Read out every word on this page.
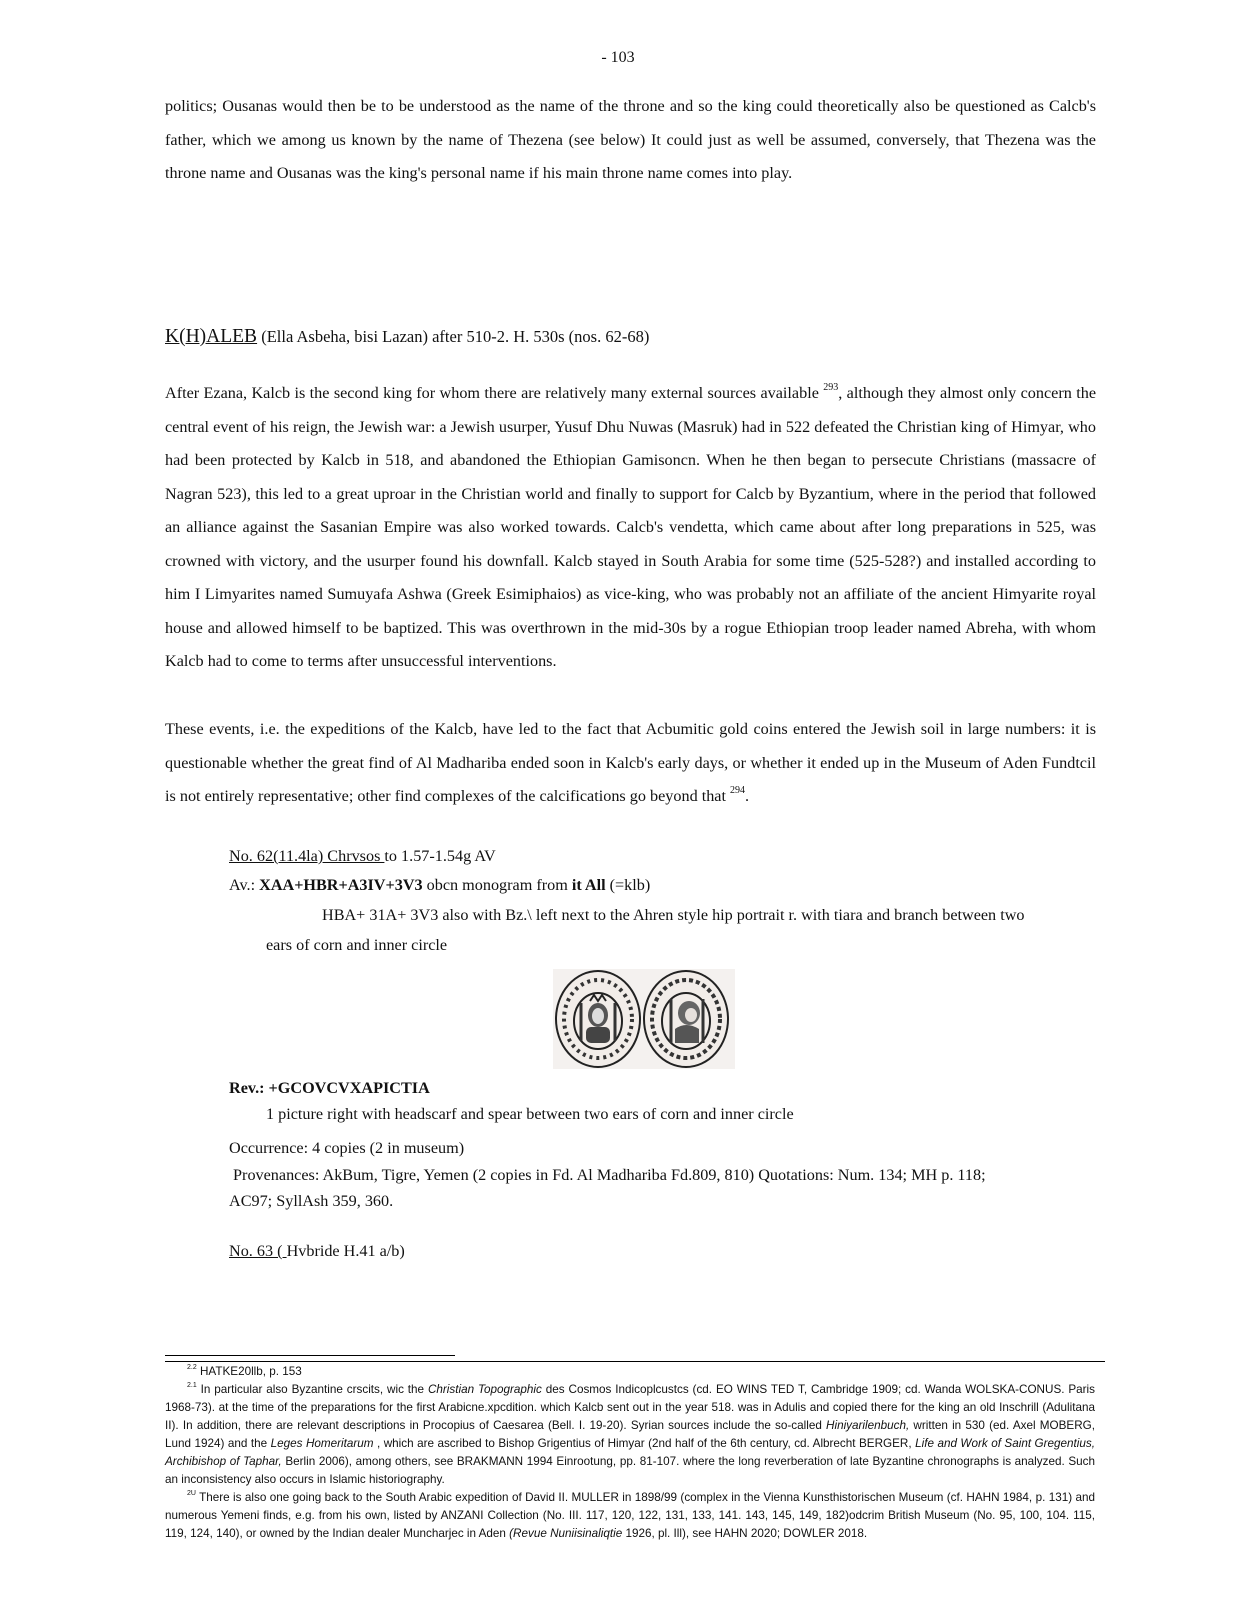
- 103

politics; Ousanas would then be to be understood as the name of the throne and so the king could theoretically also be questioned as Calcb's father, which we among us known by the name of Thezena (see below) It could just as well be assumed, conversely, that Thezena was the throne name and Ousanas was the king's personal name if his main throne name comes into play.

K(H)ALEB (Ella Asbeha, bisi Lazan) after 510-2. H. 530s (nos. 62-68)

After Ezana, Kalcb is the second king for whom there are relatively many external sources available $^{293}$, although they almost only concern the central event of his reign, the Jewish war: a Jewish usurper, Yusuf Dhu Nuwas (Masruk) had in 522 defeated the Christian king of Himyar, who had been protected by Kalcb in 518, and abandoned the Ethiopian Gamisoncn. When he then began to persecute Christians (massacre of Nagran 523), this led to a great uproar in the Christian world and finally to support for Calcb by Byzantium, where in the period that followed an alliance against the Sasanian Empire was also worked towards. Calcb's vendetta, which came about after long preparations in 525, was crowned with victory, and the usurper found his downfall. Kalcb stayed in South Arabia for some time (525-528?) and installed according to him I Limyarites named Sumuyafa Ashwa (Greek Esimiphaios) as vice-king, who was probably not an affiliate of the ancient Himyarite royal house and allowed himself to be baptized. This was overthrown in the mid-30s by a rogue Ethiopian troop leader named Abreha, with whom Kalcb had to come to terms after unsuccessful interventions.

These events, i.e. the expeditions of the Kalcb, have led to the fact that Acbumitic gold coins entered the Jewish soil in large numbers: it is questionable whether the great find of Al Madhariba ended soon in Kalcb's early days, or whether it ended up in the Museum of Aden Fundtcil is not entirely representative; other find complexes of the calcifications go beyond that $^{294}$.

No. 62(11.4la) Chrvsos to 1.57-1.54g AV
Av.: XAA+HBR+A3IV+3V3 obcn monogram from it All (=klb)
HBA+ 31A+ 3V3 also with Bz.\ left next to the Ahren style hip portrait r. with tiara and branch between two
ears of corn and inner circle
Rev.: +GCOVCVXAPICTIA
1 picture right with headscarf and spear between two ears of corn and inner circle
Occurrence: 4 copies (2 in museum)
Provenances: AkBum, Tigre, Yemen (2 copies in Fd. Al Madhariba Fd.809, 810) Quotations: Num. 134; MH p. 118;
AC97; SyllAsh 359, 360.
No. 63 ( Hvbride H.41 a/b)

$^{2.2}$ HATKE20llb, p. 153

$^{2.1}$ In particular also Byzantine crscits, wic the Christian Topographic des Cosmos Indicoplcustcs (cd. EO WINS TED T, Cambridge 1909; cd. Wanda WOLSKA-CONUS. Paris 1968-73). at the time of the preparations for the first Arabicne.xpcdition. which Kalcb sent out in the year 518. was in Adulis and copied there for the king an old Inschrill (Adulitana II). In addition, there are relevant descriptions in Procopius of Caesarea (Bell. I. 19-20). Syrian sources include the so-called Hiniyarilenbuch, written in 530 (ed. Axel MOBERG, Lund 1924) and the Leges Homeritarum , which are ascribed to Bishop Grigentius of Himyar (2nd half of the 6th century, cd. Albrecht BERGER, Life and Work of Saint Gregentius, Archibishop of Taphar, Berlin 2006), among others, see BRAKMANN 1994 Einrootung, pp. 81-107. where the long reverberation of late Byzantine chronographs is analyzed. Such an inconsistency also occurs in Islamic historiography.

$^{2U}$ There is also one going back to the South Arabic expedition of David II. MULLER in 1898/99 (complex in the Vienna Kunsthistorischen Museum (cf. HAHN 1984, p. 131) and numerous Yemeni finds, e.g. from his own, listed by ANZANI Collection (No. III. 117, 120, 122, 131, 133, 141. 143, 145, 149, 182)odcrim British Museum (No. 95, 100, 104. 115, 119, 124, 140), or owned by the Indian dealer Muncharjec in Aden (Revue Nuniisinaliqtie 1926, pl. Ill), see HAHN 2020; DOWLER 2018.
